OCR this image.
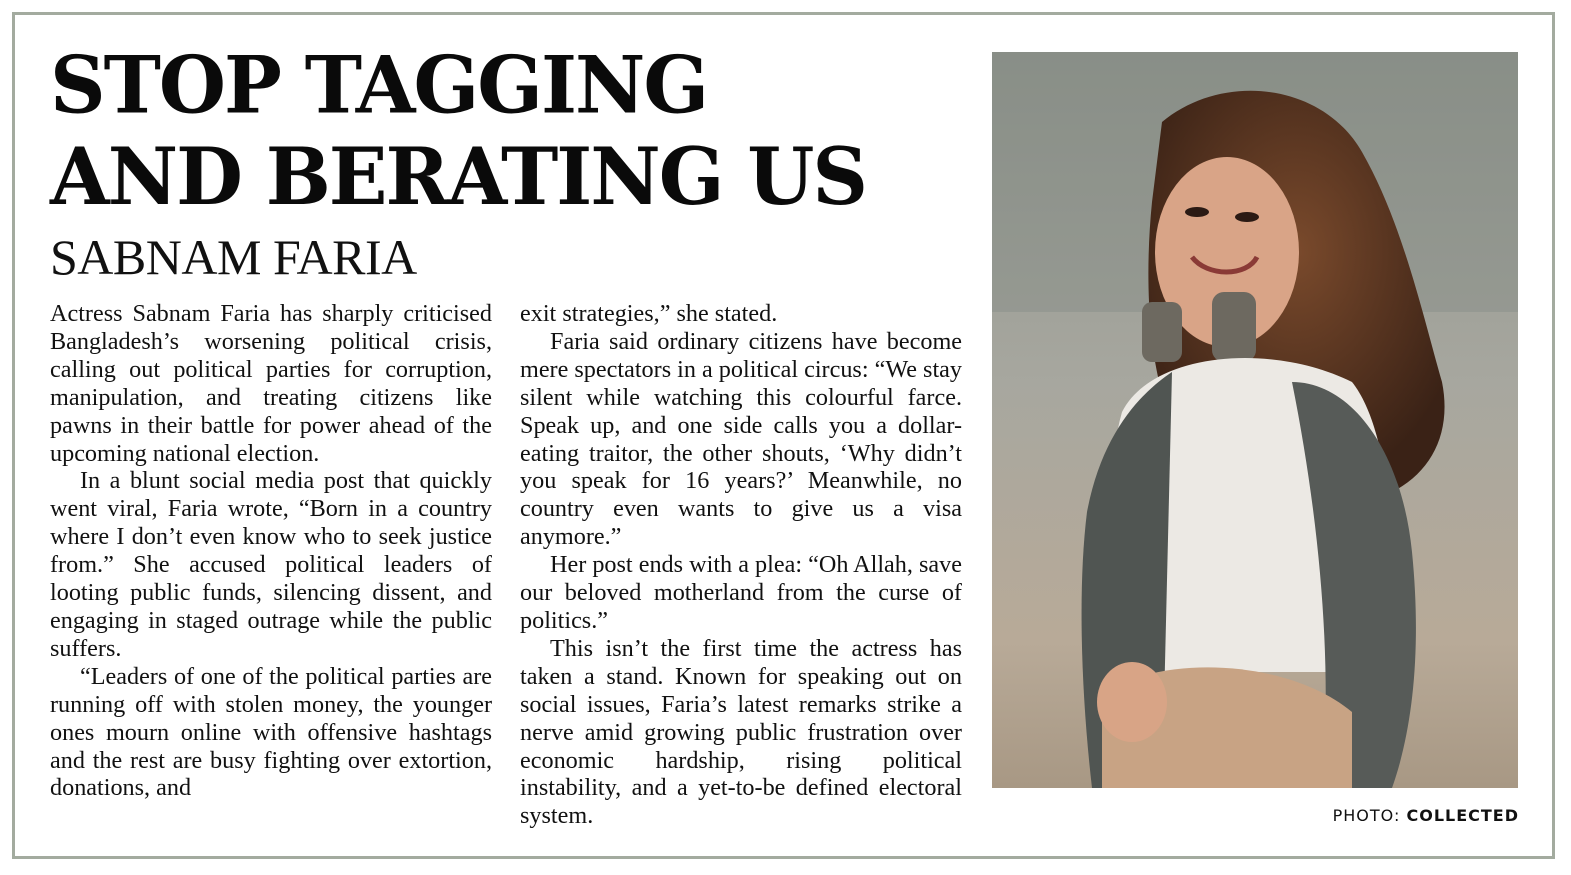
STOP TAGGING
AND BERATING US
SABNAM FARIA

Actress Sabnam Faria has sharply criticised Bangladesh’s worsening political crisis, calling out political parties for corruption, manipulation, and treating citizens like pawns in their battle for power ahead of the upcoming national election.

In a blunt social media post that quickly went viral, Faria wrote, “Born in a country where I don’t even know who to seek justice from.” She accused political leaders of looting public funds, silencing dissent, and engaging in staged outrage while the public suffers.

“Leaders of one of the political parties are running off with stolen money, the younger ones mourn online with offensive hashtags and the rest are busy fighting over extortion, donations, and

exit strategies,” she stated.

Faria said ordinary citizens have become mere spectators in a political circus: “We stay silent while watching this colourful farce. Speak up, and one side calls you a dollar-eating traitor, the other shouts, ‘Why didn’t you speak for 16 years?’ Meanwhile, no country even wants to give us a visa anymore.”

Her post ends with a plea: “Oh Allah, save our beloved motherland from the curse of politics.”

This isn’t the first time the actress has taken a stand. Known for speaking out on social issues, Faria’s latest remarks strike a nerve amid growing public frustration over economic hardship, rising political instability, and a yet-to-be defined electoral system.	PHOTO: COLLECTED
